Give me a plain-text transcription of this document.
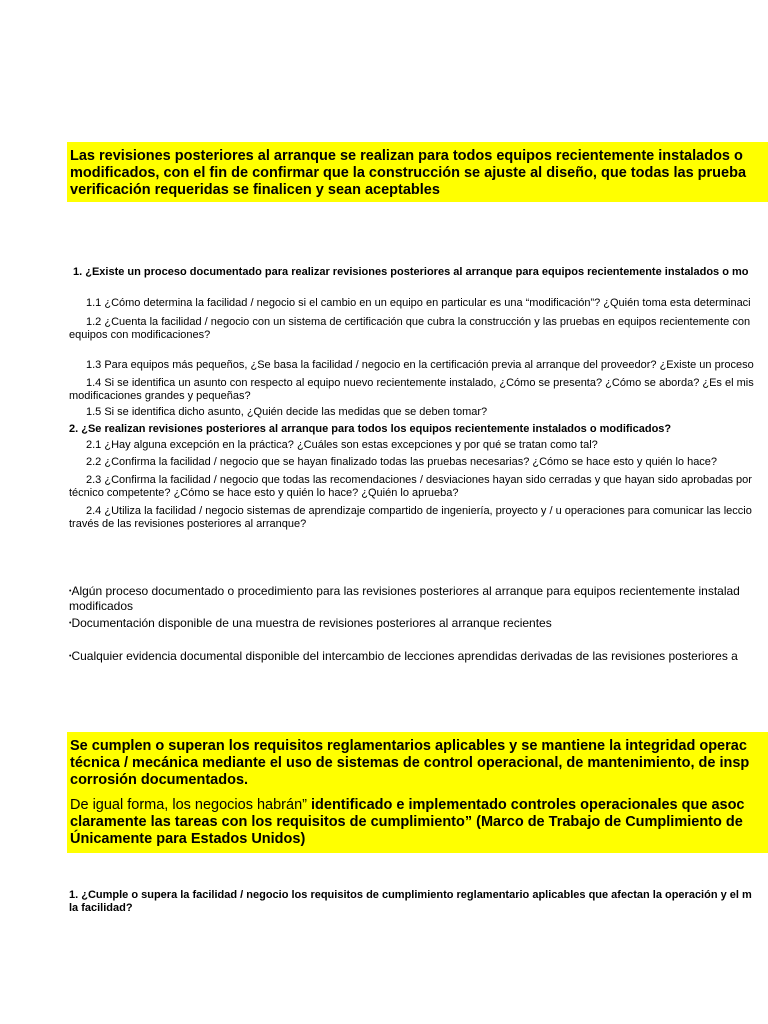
Las revisiones posteriores al arranque se realizan para todos equipos recientemente instalados o
modificados, con el fin de confirmar que la construcción se ajuste al diseño, que todas las prueba
verificación requeridas se finalicen y sean aceptables
1. ¿Existe un proceso documentado para realizar revisiones posteriores al arranque para equipos recientemente instalados o mo
1.1 ¿Cómo determina la facilidad / negocio si el cambio en un equipo en particular es una “modificación”? ¿Quién toma esta determinaci
1.2 ¿Cuenta la facilidad / negocio con un sistema de certificación que cubra la construcción y las pruebas en equipos recientemente con
equipos con modificaciones?
1.3 Para equipos más pequeños, ¿Se basa la facilidad / negocio en la certificación previa al arranque del proveedor? ¿Existe un proceso
1.4 Si se identifica un asunto con respecto al equipo nuevo recientemente instalado, ¿Cómo se presenta? ¿Cómo se aborda? ¿Es el mis
modificaciones grandes y pequeñas?
1.5 Si se identifica dicho asunto, ¿Quién decide las medidas que se deben tomar?
2. ¿Se realizan revisiones posteriores al arranque para todos los equipos recientemente instalados o modificados?
2.1 ¿Hay alguna excepción en la práctica? ¿Cuáles son estas excepciones y por qué se tratan como tal?
2.2 ¿Confirma la facilidad / negocio que se hayan finalizado todas las pruebas necesarias? ¿Cómo se hace esto y quién lo hace?
2.3 ¿Confirma la facilidad / negocio que todas las recomendaciones / desviaciones hayan sido cerradas y que hayan sido aprobadas por
técnico competente? ¿Cómo se hace esto y quién lo hace? ¿Quién lo aprueba?
2.4 ¿Utiliza la facilidad / negocio sistemas de aprendizaje compartido de ingeniería, proyecto y / u operaciones para comunicar las leccio
través de las revisiones posteriores al arranque?
•Algún proceso documentado o procedimiento para las revisiones posteriores al arranque para equipos recientemente instalad
modificados
•Documentación disponible de una muestra de revisiones posteriores al arranque recientes
•Cualquier evidencia documental disponible del intercambio de lecciones aprendidas derivadas de las revisiones posteriores a
Se cumplen o superan los requisitos reglamentarios aplicables y se mantiene la integridad operac
técnica / mecánica mediante el uso de sistemas de control operacional, de mantenimiento, de insp
corrosión documentados.
De igual forma, los negocios habrán” identificado e implementado controles operacionales que asoc
claramente las tareas con los requisitos de cumplimiento” (Marco de Trabajo de Cumplimiento de
Únicamente para Estados Unidos)
1. ¿Cumple o supera la facilidad / negocio los requisitos de cumplimiento reglamentario aplicables que afectan la operación y el m
la facilidad?
